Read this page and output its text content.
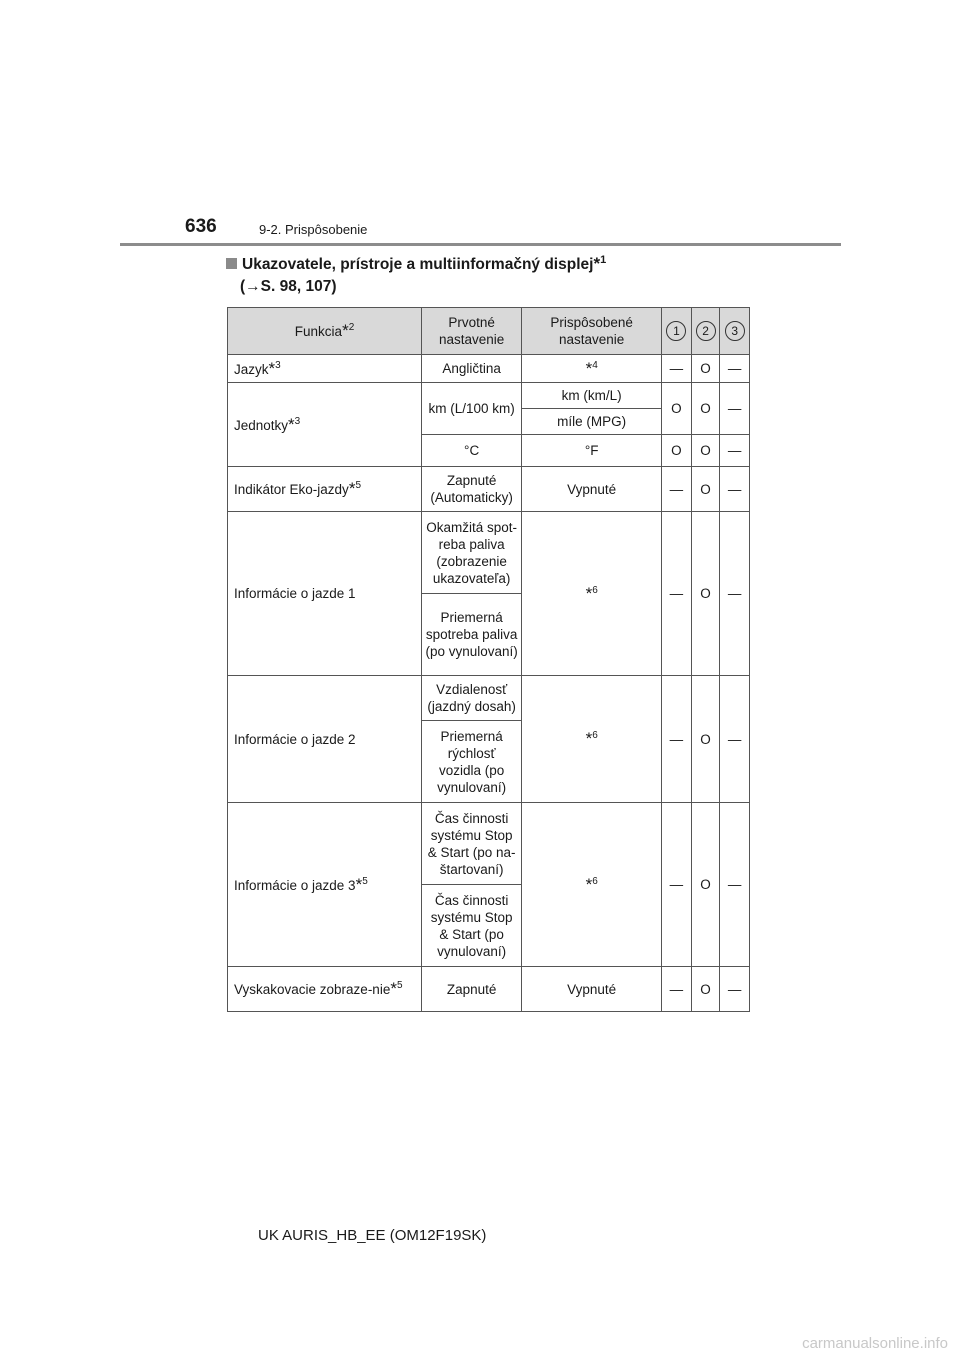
636	9-2. Prispôsobenie
Ukazovatele, prístroje a multiinformačný displej*$^1$
(→S. 98, 107)
Funkcia*$^2$	Prvotné nastavenie	Prispôsobené nastavenie	1	2	3
Jazyk*$^3$	Angličtina	*$^4$	—	O	—
Jednotky*$^3$	km (L/100 km)	km (km/L)	O	O	—
		míle (MPG)			
	°C	°F	O	O	—
Indikátor Eko-jazdy*$^5$	Zapnuté (Automaticky)	Vypnuté	—	O	—
Informácie o jazde 1	Okamžitá spot-reba paliva (zobrazenie ukazovateľa)	*$^6$	—	O	—
	Priemerná spotreba paliva (po vynulovaní)				
Informácie o jazde 2	Vzdialenosť (jazdný dosah)	*$^6$	—	O	—
	Priemerná rýchlosť vozidla (po vynulovaní)				
Informácie o jazde 3*$^5$	Čas činnosti systému Stop & Start (po na-štartovaní)	*$^6$	—	O	—
	Čas činnosti systému Stop & Start (po vynulovaní)				
Vyskakovacie zobraze-nie*$^5$	Zapnuté	Vypnuté	—	O	—
UK AURIS_HB_EE (OM12F19SK)
carmanualsonline.info
